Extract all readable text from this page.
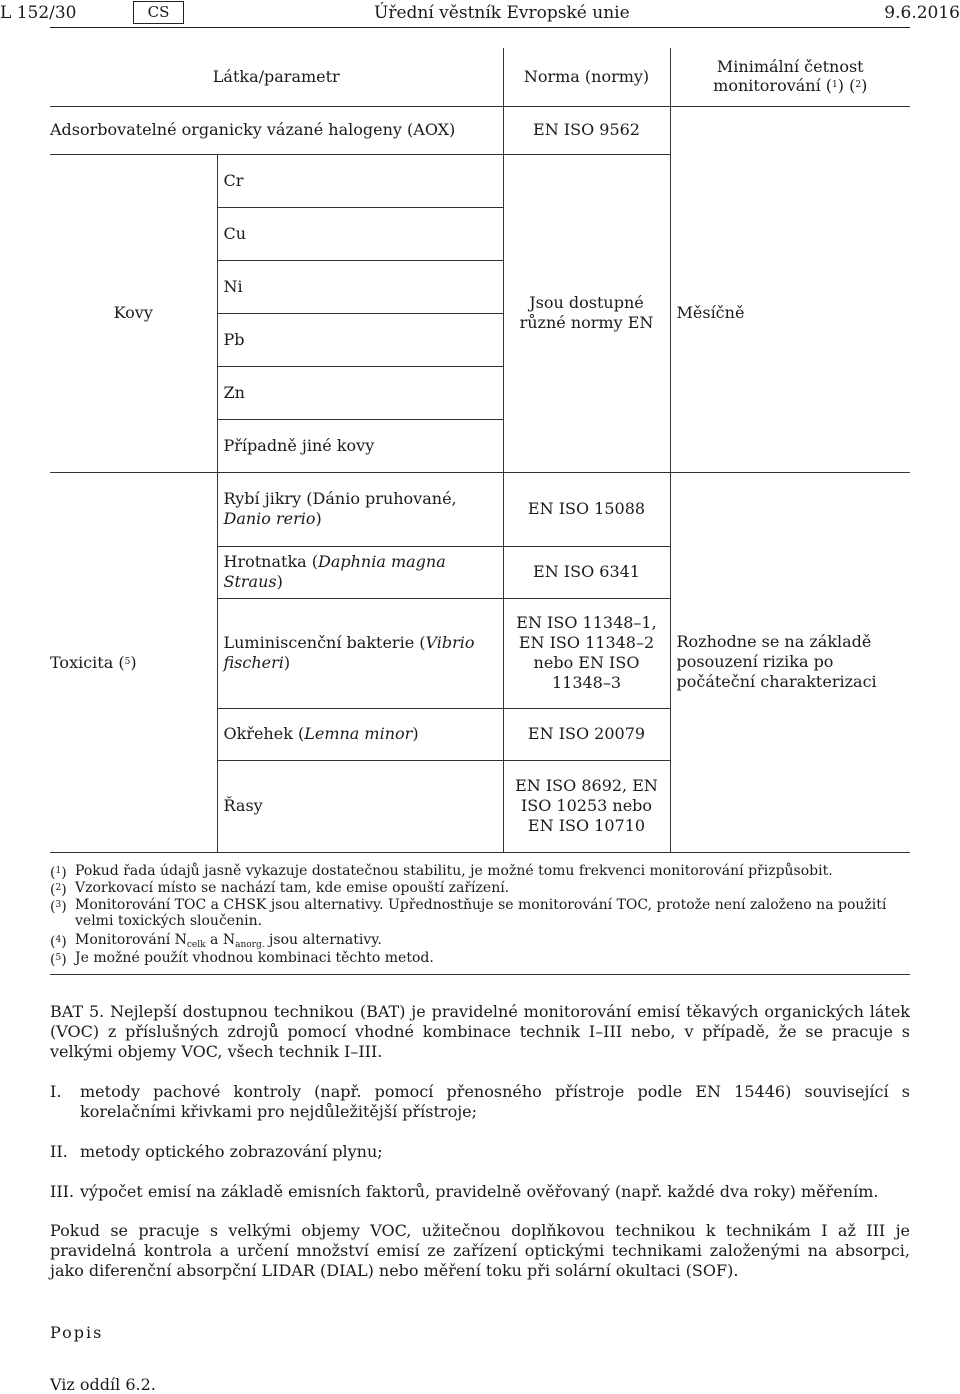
L 152/30	CS	Úřední věstník Evropské unie	9.6.2016
Látka/parametr		Norma (normy)	Minimální četnost
monitorování ($^1$) ($^2$)
Adsorbovatelné organicky vázané halogeny (AOX)		EN ISO 9562	
Kovy	Cr	Jsou dostupné různé normy EN	Měsíčně
	Cu		
	Ni		
	Pb		
	Zn		
	Případně jiné kovy		
Toxicita ($^5$)	Rybí jikry (Dánio pruhované, Danio rerio)	EN ISO 15088	Rozhodne se na základě posouzení rizika po počáteční charakterizaci
	Hrotnatka (Daphnia magna Straus)	EN ISO 6341	
	Luminiscenční bakterie (Vibrio fischeri)	EN ISO 11348–1, EN ISO 11348–2 nebo EN ISO 11348–3	
	Okřehek (Lemna minor)	EN ISO 20079	
	Řasy	EN ISO 8692, EN ISO 10253 nebo EN ISO 10710	
($^1$) Pokud řada údajů jasně vykazuje dostatečnou stabilitu, je možné tomu frekvenci monitorování přizpůsobit.
($^2$) Vzorkovací místo se nachází tam, kde emise opouští zařízení.
($^3$) Monitorování TOC a CHSK jsou alternativy. Upřednostňuje se monitorování TOC, protože není založeno na použití velmi toxických sloučenin.
($^4$) Monitorování $N_{celk}$ a $N_{anorg.}$ jsou alternativy.
($^5$) Je možné použít vhodnou kombinaci těchto metod.
BAT 5. Nejlepší dostupnou technikou (BAT) je pravidelné monitorování emisí těkavých organických látek (VOC) z příslušných zdrojů pomocí vhodné kombinace technik I–III nebo, v případě, že se pracuje s velkými objemy VOC, všech technik I–III.
I. metody pachové kontroly (např. pomocí přenosného přístroje podle EN 15446) související s korelačními křivkami pro nejdůležitější přístroje;
II. metody optického zobrazování plynu;
III. výpočet emisí na základě emisních faktorů, pravidelně ověřovaný (např. každé dva roky) měřením.
Pokud se pracuje s velkými objemy VOC, užitečnou doplňkovou technikou k technikám I až III je pravidelná kontrola a určení množství emisí ze zařízení optickými technikami založenými na absorpci, jako diferenční absorpční LIDAR (DIAL) nebo měření toku při solární okultaci (SOF).
Popis
Viz oddíl 6.2.
